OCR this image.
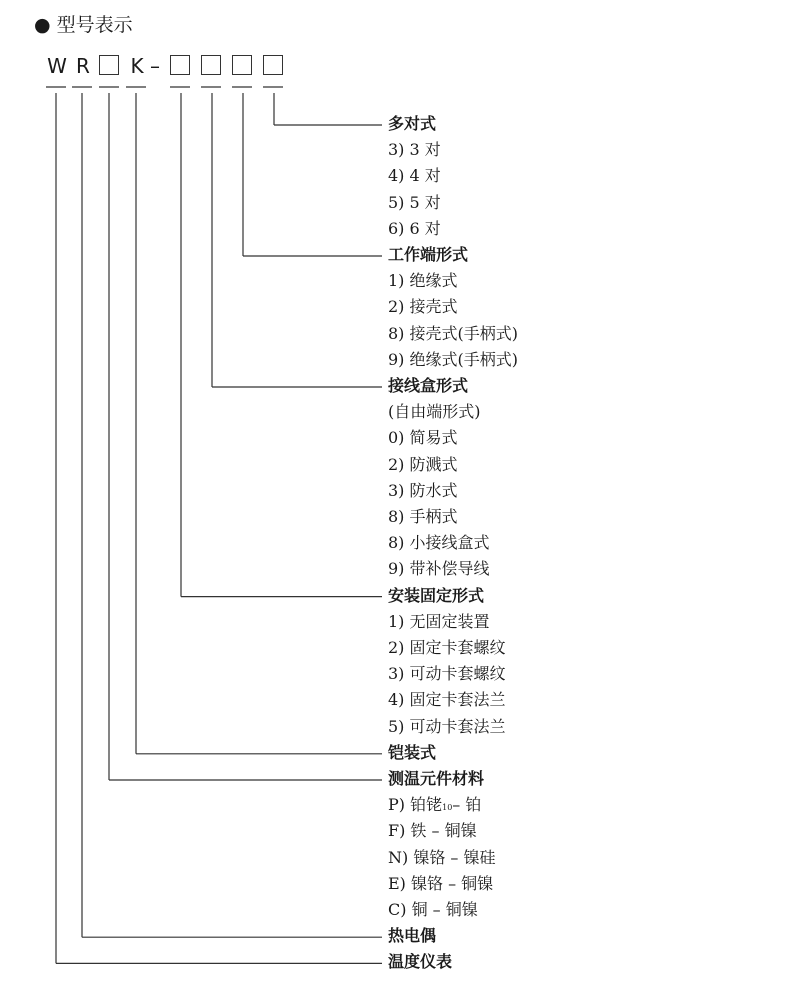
● 型号表示
W R K –
多对式
3) 3 对
4) 4 对
5) 5 对
6) 6 对
工作端形式
1) 绝缘式
2) 接壳式
8) 接壳式(手柄式)
9) 绝缘式(手柄式)
接线盒形式
(自由端形式)
0) 简易式
2) 防溅式
3) 防水式
8) 手柄式
8) 小接线盒式
9) 带补偿导线
安装固定形式
1) 无固定装置
2) 固定卡套螺纹
3) 可动卡套螺纹
4) 固定卡套法兰
5) 可动卡套法兰
铠装式
测温元件材料
P) 铂铑10– 铂
F) 铁 – 铜镍
N) 镍铬 – 镍硅
E) 镍铬 – 铜镍
C) 铜 – 铜镍
热电偶
温度仪表
